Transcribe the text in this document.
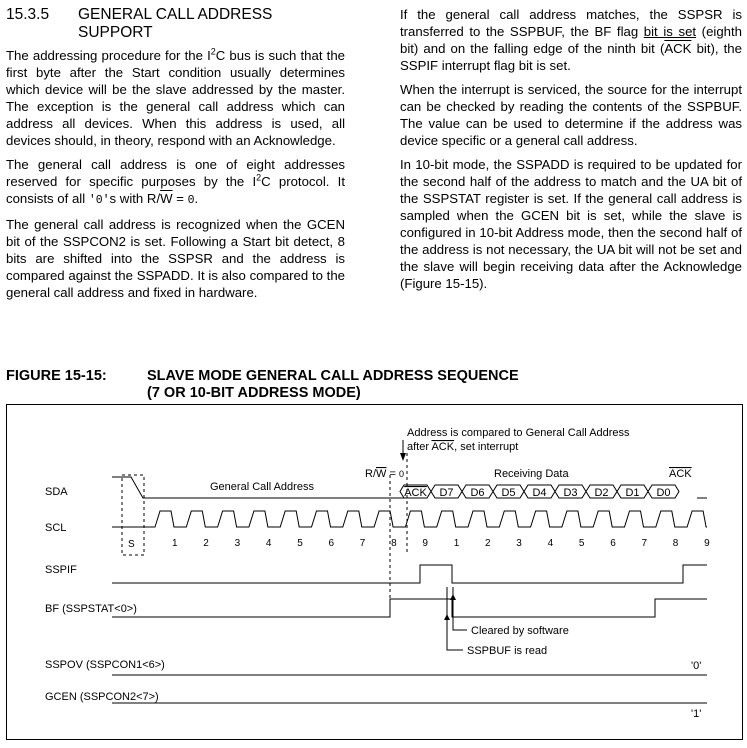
15.3.5	GENERAL CALL ADDRESS
SUPPORT

The addressing procedure for the $I^2C$ bus is such that the first byte after the Start condition usually determines which device will be the slave addressed by the master. The exception is the general call address which can address all devices. When this address is used, all devices should, in theory, respond with an Acknowledge.

The general call address is one of eight addresses reserved for specific purposes by the $I^2C$ protocol. It consists of all '0's with $R/\overline{W} = 0$.

The general call address is recognized when the GCEN bit of the SSPCON2 is set. Following a Start bit detect, 8 bits are shifted into the SSPSR and the address is compared against the SSPADD. It is also compared to the general call address and fixed in hardware.

If the general call address matches, the SSPSR is transferred to the SSPBUF, the BF flag bit is set (eighth bit) and on the falling edge of the ninth bit ($\overline{ACK}$ bit), the SSPIF interrupt flag bit is set.

When the interrupt is serviced, the source for the interrupt can be checked by reading the contents of the SSPBUF. The value can be used to determine if the address was device specific or a general call address.

In 10-bit mode, the SSPADD is required to be updated for the second half of the address to match and the UA bit of the SSPSTAT register is set. If the general call address is sampled when the GCEN bit is set, while the slave is configured in 10-bit Address mode, then the second half of the address is not necessary, the UA bit will not be set and the slave will begin receiving data after the Acknowledge (Figure 15-15).

FIGURE 15-15:	SLAVE MODE GENERAL CALL ADDRESS SEQUENCE
(7 OR 10-BIT ADDRESS MODE)
SDA
SCL
SSPIF
BF (SSPSTAT<0>)
SSPOV (SSPCON1<6>)
GCEN (SSPCON2<7>)
Address is compared to General Call Address
after ACK, set interrupt
R/W = 0
General Call Address
Receiving Data	ACK
S
Cleared by software
SSPBUF is read
'0'
'1'
ACK D7 D6 D5 D4 D3 D2 D1 D0
1	2	3	4	5	6	7	8	9	1	2	3	4	5	6	7	8	9
